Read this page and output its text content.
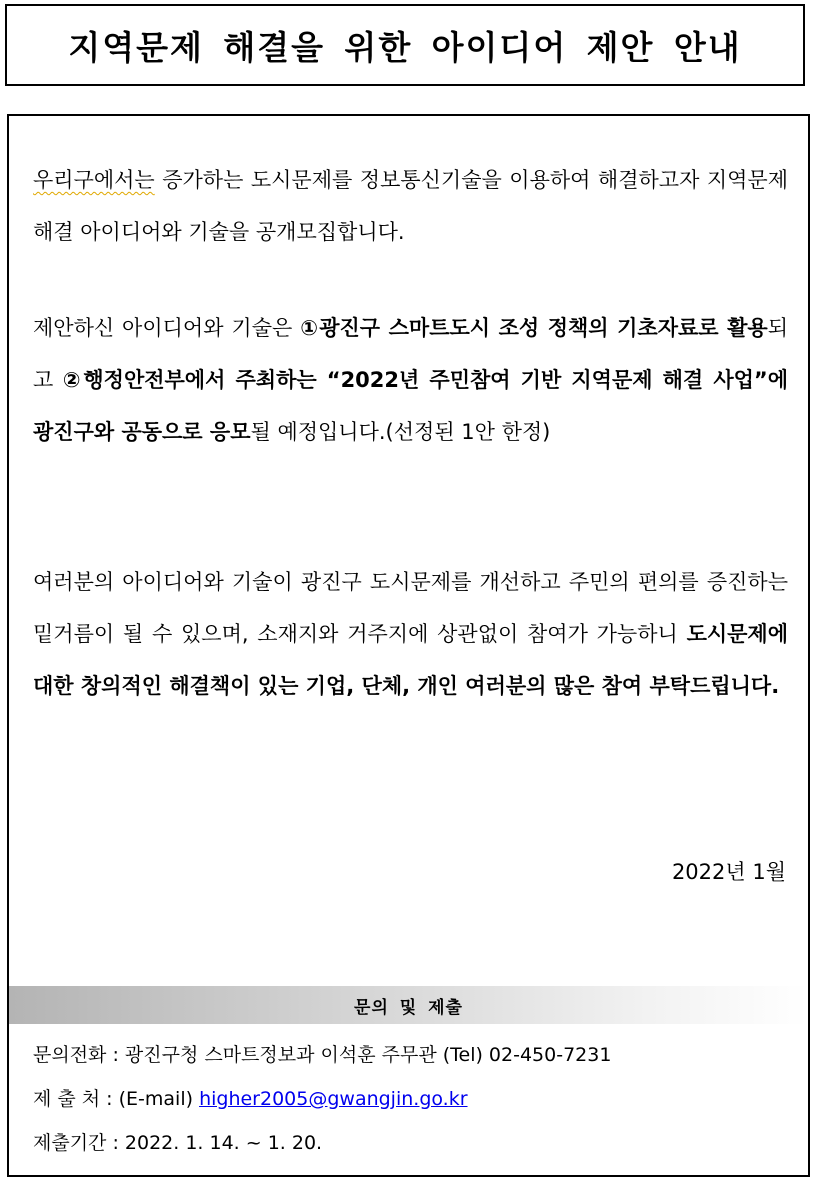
지역문제 해결을 위한 아이디어 제안 안내
우리구에서는 증가하는 도시문제를 정보통신기술을 이용하여 해결하고자 지역문제 해결 아이디어와 기술을 공개모집합니다.
제안하신 아이디어와 기술은 ①광진구 스마트도시 조성 정책의 기초자료로 활용되고 ②행정안전부에서 주최하는 “2022년 주민참여 기반 지역문제 해결 사업”에 광진구와 공동으로 응모될 예정입니다.(선정된 1안 한정)
여러분의 아이디어와 기술이 광진구 도시문제를 개선하고 주민의 편의를 증진하는 밑거름이 될 수 있으며, 소재지와 거주지에 상관없이 참여가 가능하니 도시문제에 대한 창의적인 해결책이 있는 기업, 단체, 개인 여러분의 많은 참여 부탁드립니다.
2022년 1월
문의 및 제출
문의전화 : 광진구청 스마트정보과 이석훈 주무관 (Tel) 02-450-7231
제 출 처 : (E-mail) higher2005@gwangjin.go.kr
제출기간 : 2022. 1. 14. ~ 1. 20.
